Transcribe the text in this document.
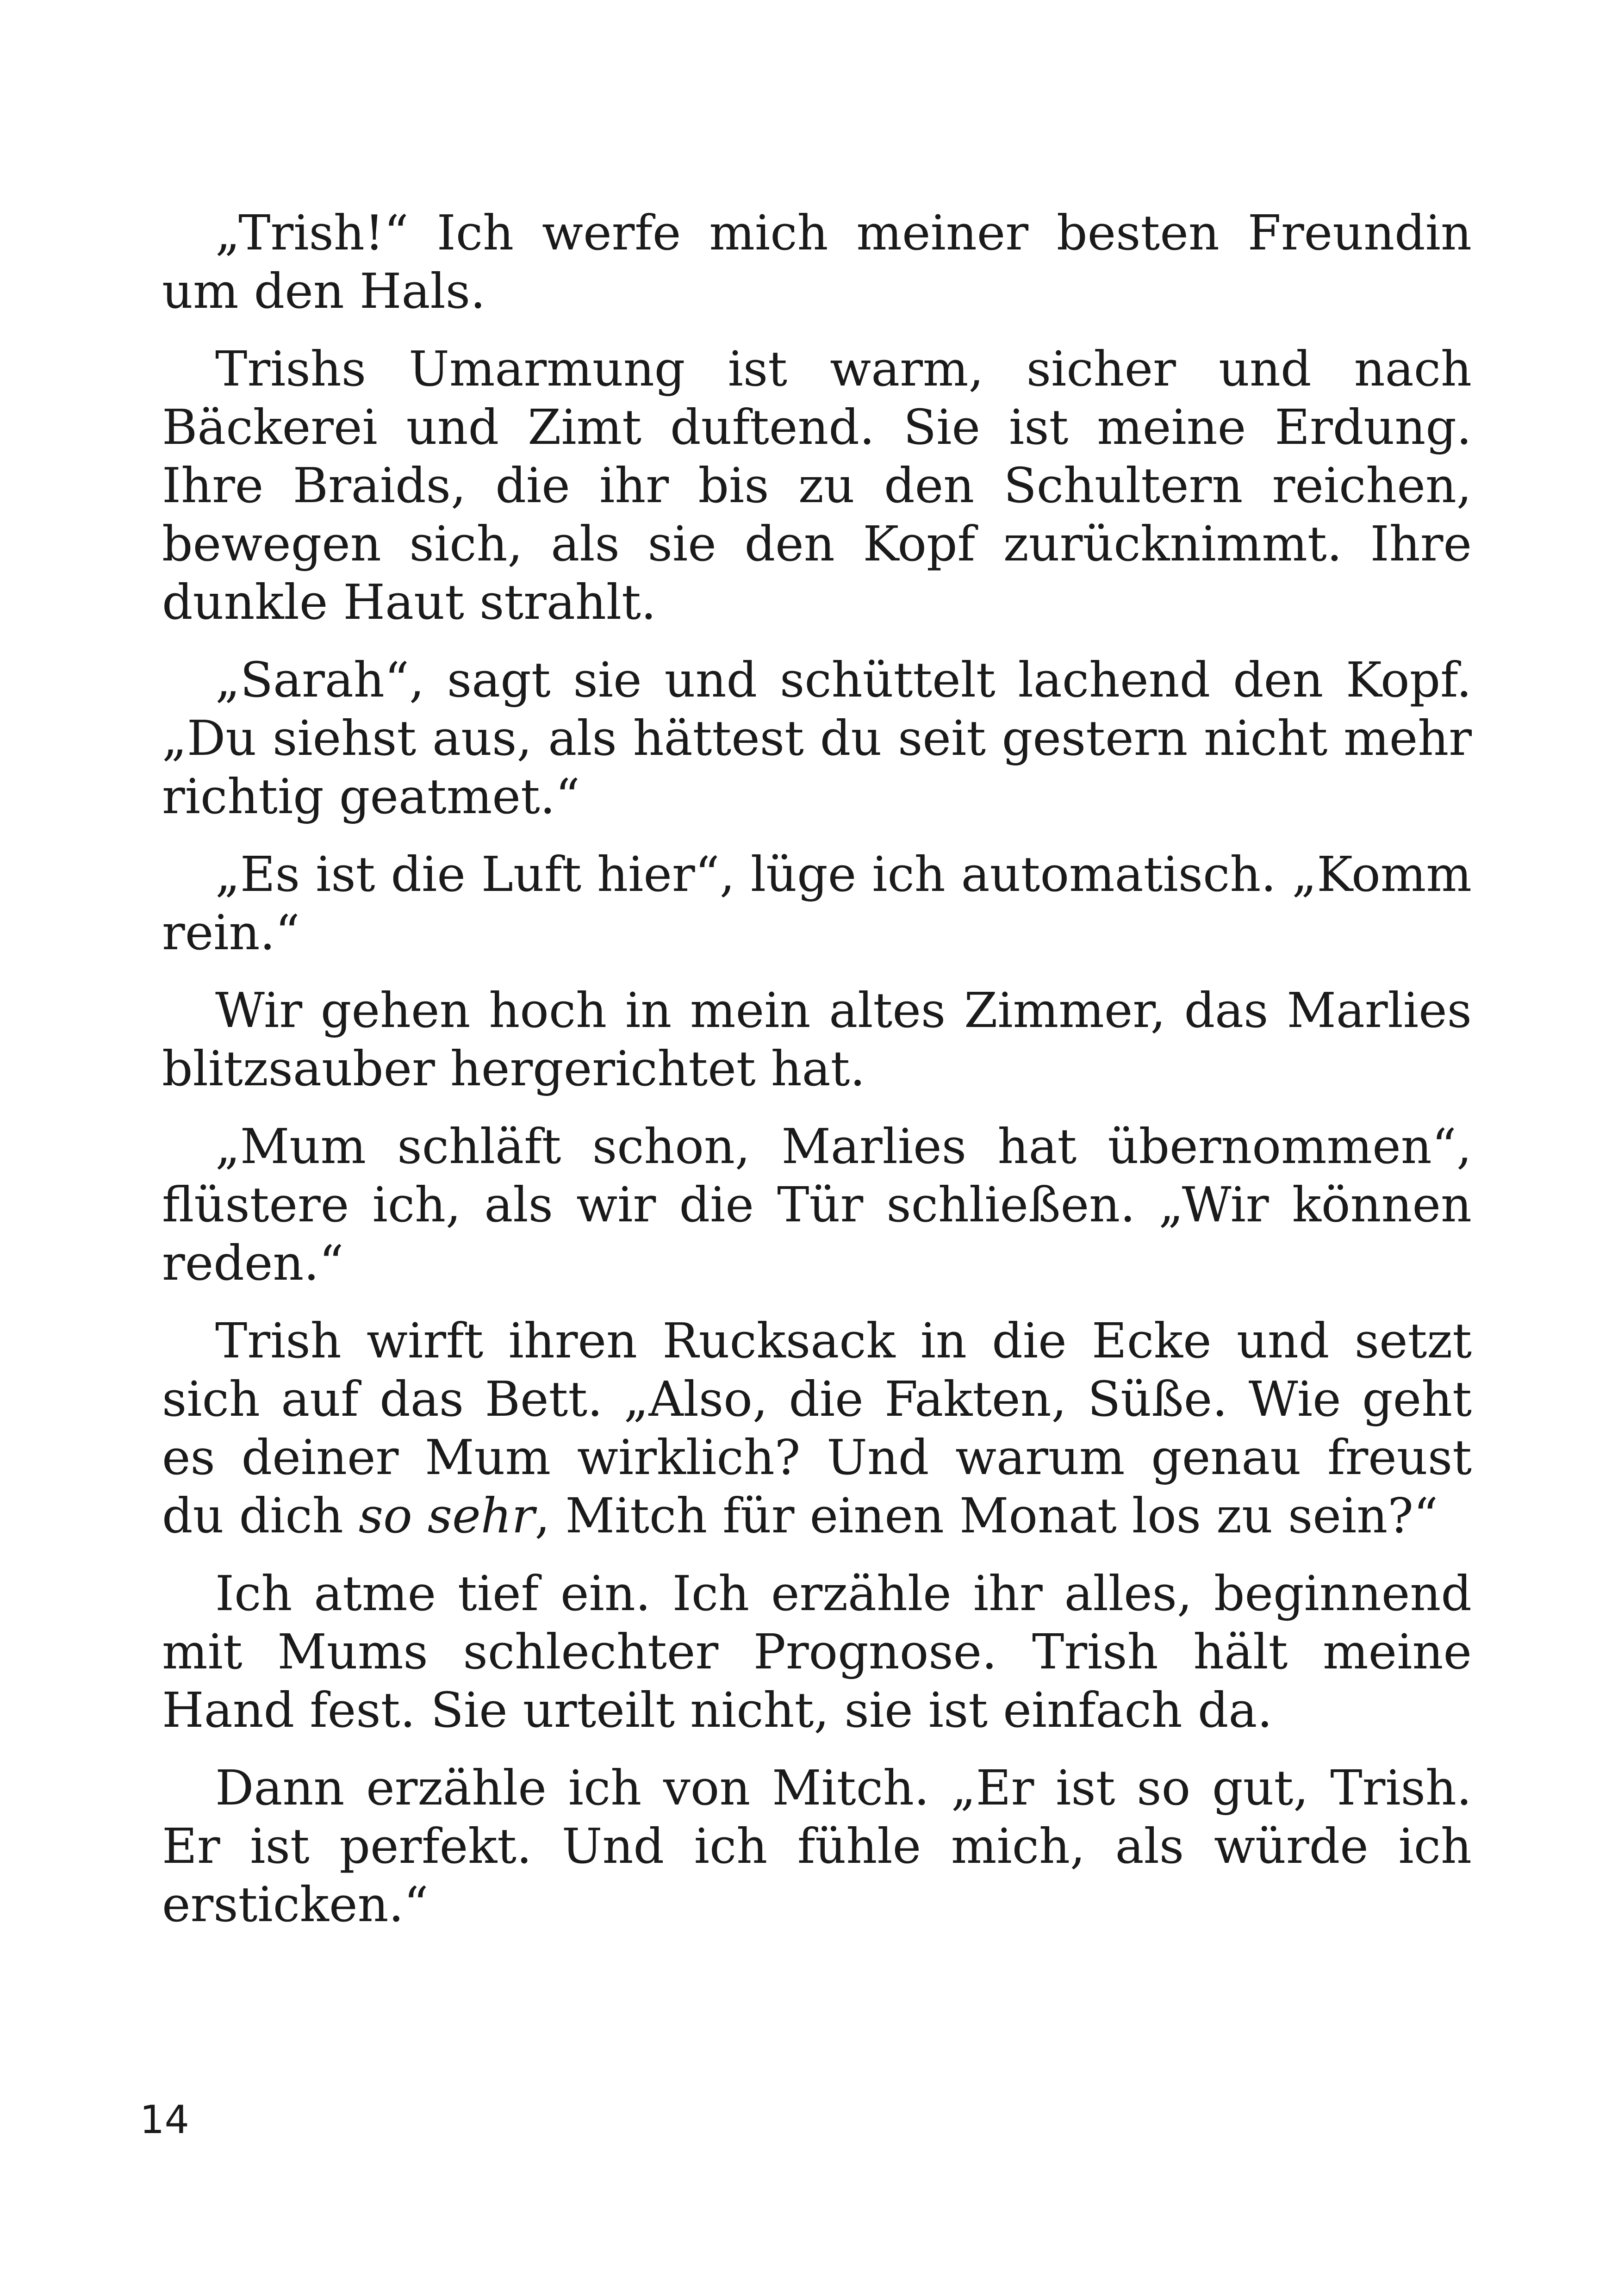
„Trish!“ Ich werfe mich meiner besten Freundin um den Hals.

Trishs Umarmung ist warm, sicher und nach Bäckerei und Zimt duftend. Sie ist meine Erdung. Ihre Braids, die ihr bis zu den Schultern reichen, bewegen sich, als sie den Kopf zurücknimmt. Ihre dunkle Haut strahlt.

„Sarah“, sagt sie und schüttelt lachend den Kopf. „Du siehst aus, als hättest du seit gestern nicht mehr richtig geatmet.“

„Es ist die Luft hier“, lüge ich automatisch. „Komm rein.“

Wir gehen hoch in mein altes Zimmer, das Marlies blitzsauber hergerichtet hat.

„Mum schläft schon, Marlies hat übernommen“, flüstere ich, als wir die Tür schließen. „Wir können reden.“

Trish wirft ihren Rucksack in die Ecke und setzt sich auf das Bett. „Also, die Fakten, Süße. Wie geht es deiner Mum wirklich? Und warum genau freust du dich so sehr, Mitch für einen Monat los zu sein?“

Ich atme tief ein. Ich erzähle ihr alles, beginnend mit Mums schlechter Prognose. Trish hält meine Hand fest. Sie urteilt nicht, sie ist einfach da.

Dann erzähle ich von Mitch. „Er ist so gut, Trish. Er ist perfekt. Und ich fühle mich, als würde ich ersticken.“

14
